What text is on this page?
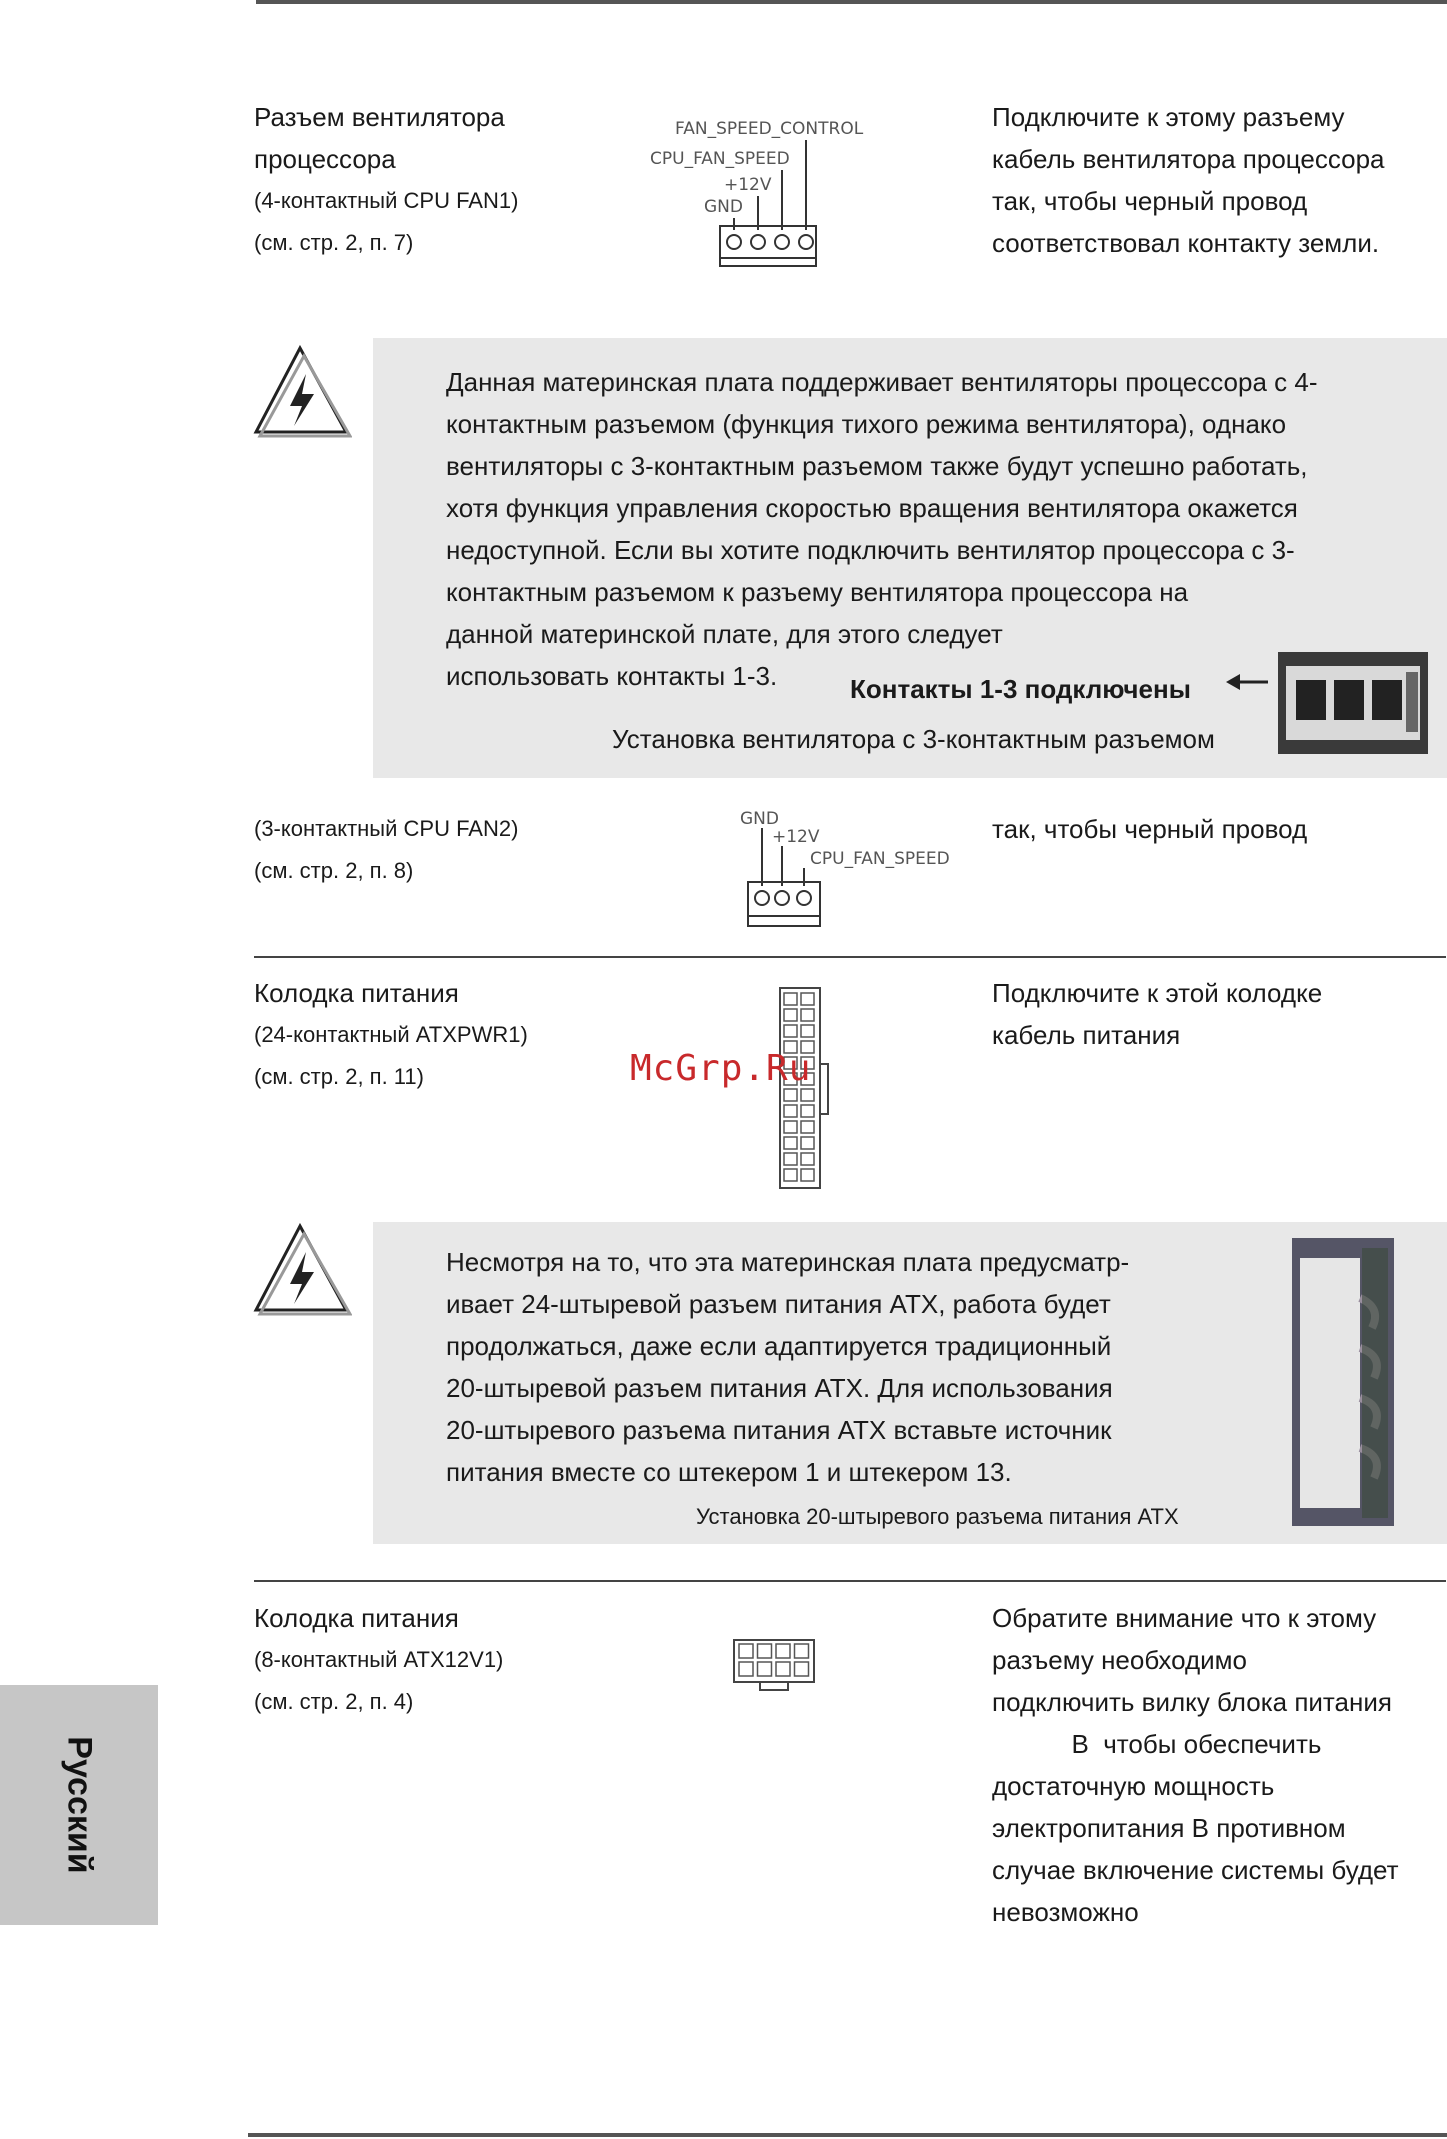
Разъем вентилятора
процессора
(4-контактный CPU FAN1)
(см. стр. 2, п. 7)
FAN_SPEED_CONTROL
CPU_FAN_SPEED
+12V
GND
Подключите к этому разъему
кабель вентилятора процессора
так, чтобы черный провод
соответствовал контакту земли.
Данная материнская плата поддерживает вентиляторы процессора с 4-
контактным разъемом (функция тихого режима вентилятора), однако
вентиляторы с 3-контактным разъемом также будут успешно работать,
хотя функция управления скоростью вращения вентилятора окажется
недоступной. Если вы хотите подключить вентилятор процессора с 3-
контактным разъемом к разъему вентилятора процессора на
данной материнской плате, для этого следует
использовать контакты 1-3.	Контакты 1-3 подключены
Установка вентилятора с 3-контактным разъемом
(3-контактный CPU FAN2)
(см. стр. 2, п. 8)
GND
+12V
CPU_FAN_SPEED
так, чтобы черный провод
Колодка питания
(24-контактный ATXPWR1)
(см. стр. 2, п. 11)	McGrp.Ru
Подключите к этой колодке
кабель питания
Несмотря на то, что эта материнская плата предусматр-
ивает 24-штыревой разъем питания ATX, работа будет
продолжаться, даже если адаптируется традиционный
20-штыревой разъем питания ATX. Для использования
20-штыревого разъема питания ATX вставьте источник
питания вместе со штекером 1 и штекером 13.
Установка 20-штыревого разъема питания ATX
Колодка питания
(8-контактный ATX12V1)
(см. стр. 2, п. 4)
Обратите внимание что к этому
разъему необходимо
подключить вилку блока питания
В  чтобы обеспечить
достаточную мощность
электропитания В противном
случае включение системы будет
невозможно
Русский
